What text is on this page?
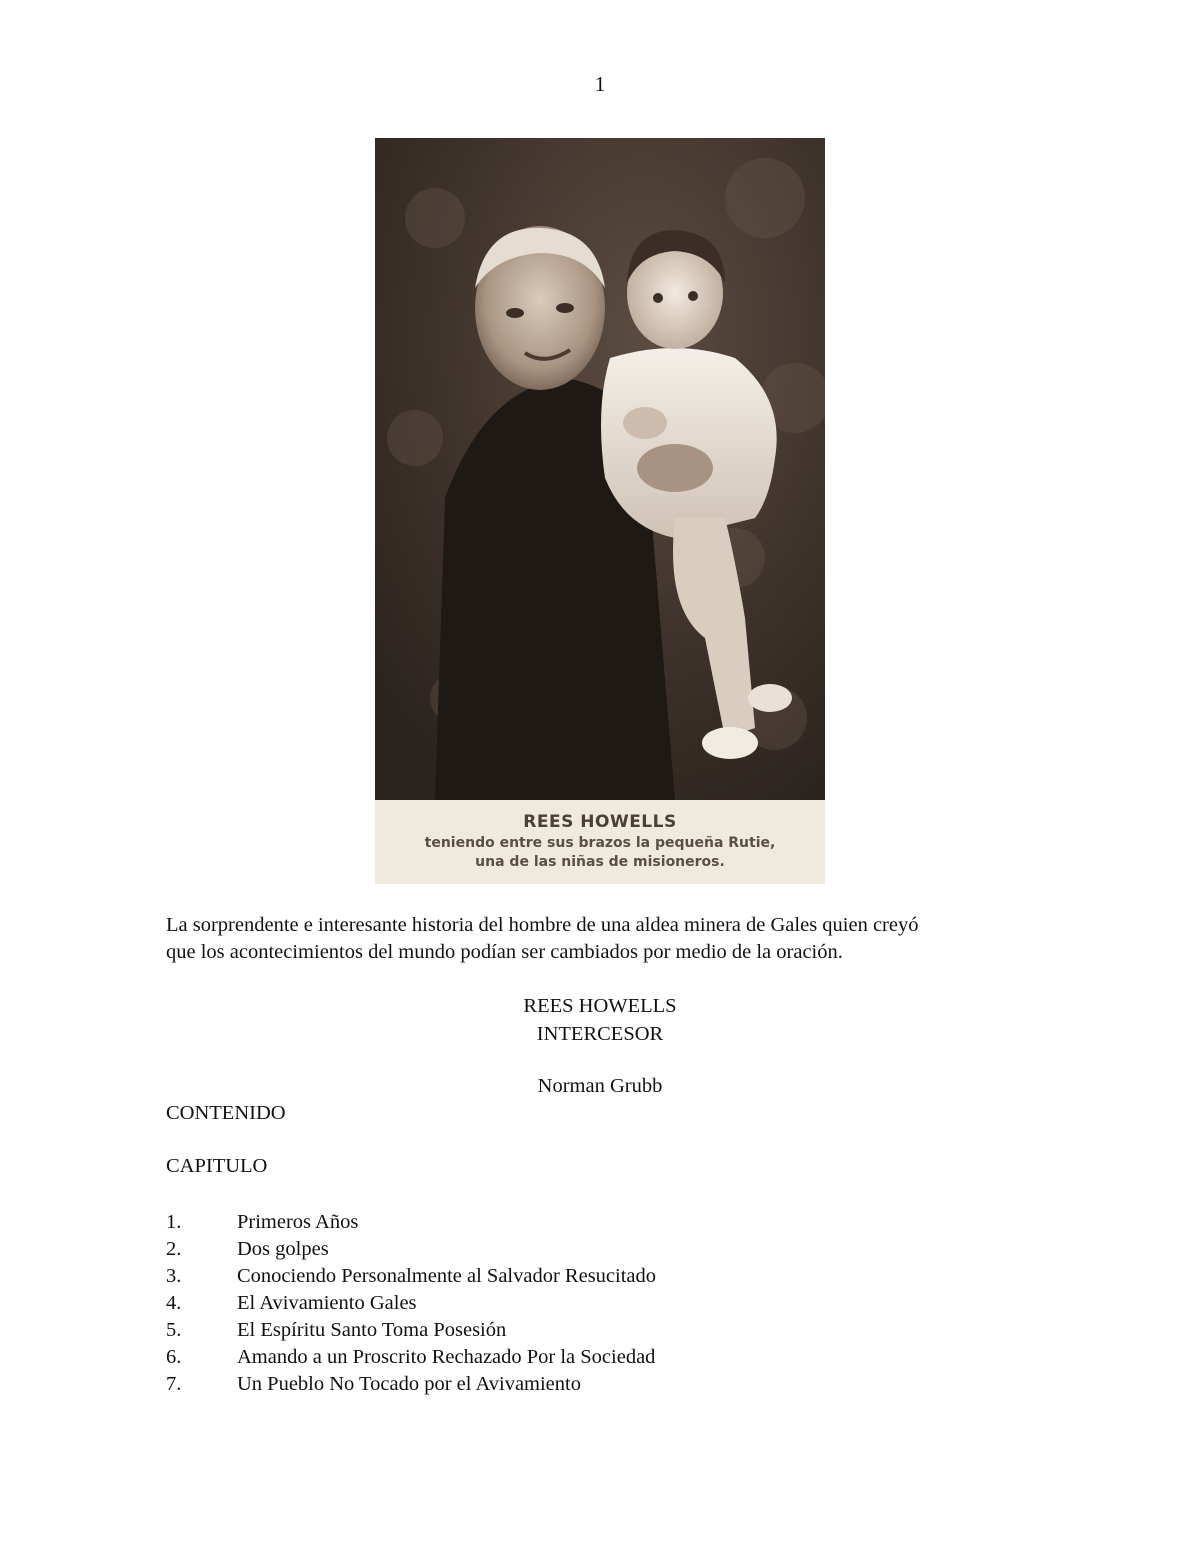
1
REES HOWELLS
teniendo entre sus brazos la pequeña Rutie,
una de las niñas de misioneros.
La sorprendente e interesante historia del hombre de una aldea minera de Gales quien creyó
que los acontecimientos del mundo podían ser cambiados por medio de la oración.
REES HOWELLS
INTERCESOR
Norman Grubb
CONTENIDO
CAPITULO
1.	Primeros Años
2.	Dos golpes
3.	Conociendo Personalmente al Salvador Resucitado
4.	El Avivamiento Gales
5.	El Espíritu Santo Toma Posesión
6.	Amando a un Proscrito Rechazado Por la Sociedad
7.	Un Pueblo No Tocado por el Avivamiento
